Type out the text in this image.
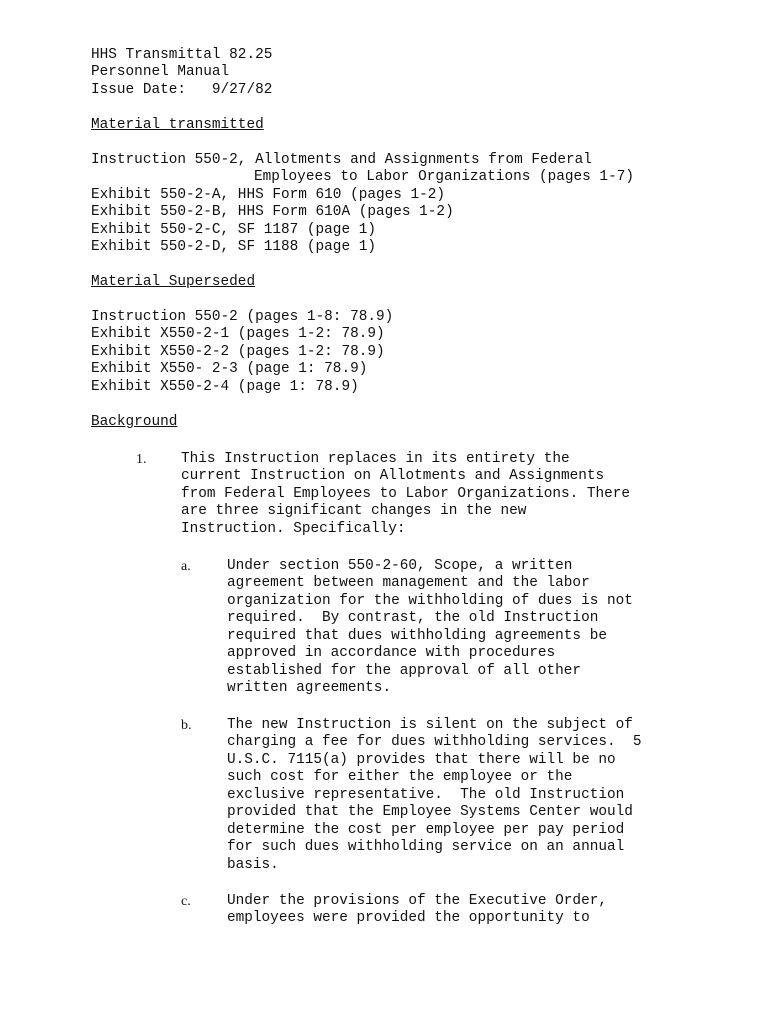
HHS Transmittal 82.25
Personnel Manual
Issue Date:   9/27/82
Material transmitted
Instruction 550-2, Allotments and Assignments from Federal
Employees to Labor Organizations (pages 1-7)
Exhibit 550-2-A, HHS Form 610 (pages 1-2)
Exhibit 550-2-B, HHS Form 610A (pages 1-2)
Exhibit 550-2-C, SF 1187 (page 1)
Exhibit 550-2-D, SF 1188 (page 1)
Material Superseded
Instruction 550-2 (pages 1-8: 78.9)
Exhibit X550-2-1 (pages 1-2: 78.9)
Exhibit X550-2-2 (pages 1-2: 78.9)
Exhibit X550- 2-3 (page 1: 78.9)
Exhibit X550-2-4 (page 1: 78.9)
Background
1. This Instruction replaces in its entirety the
current Instruction on Allotments and Assignments
from Federal Employees to Labor Organizations. There
are three significant changes in the new
Instruction. Specifically:
a.	Under section 550-2-60, Scope, a written
agreement between management and the labor
organization for the withholding of dues is not
required.  By contrast, the old Instruction
required that dues withholding agreements be
approved in accordance with procedures
established for the approval of all other
written agreements.
b. The new Instruction is silent on the subject of
charging a fee for dues withholding services.  5
U.S.C. 7115(a) provides that there will be no
such cost for either the employee or the
exclusive representative.  The old Instruction
provided that the Employee Systems Center would
determine the cost per employee per pay period
for such dues withholding service on an annual
basis.
c.	Under the provisions of the Executive Order,
employees were provided the opportunity to
